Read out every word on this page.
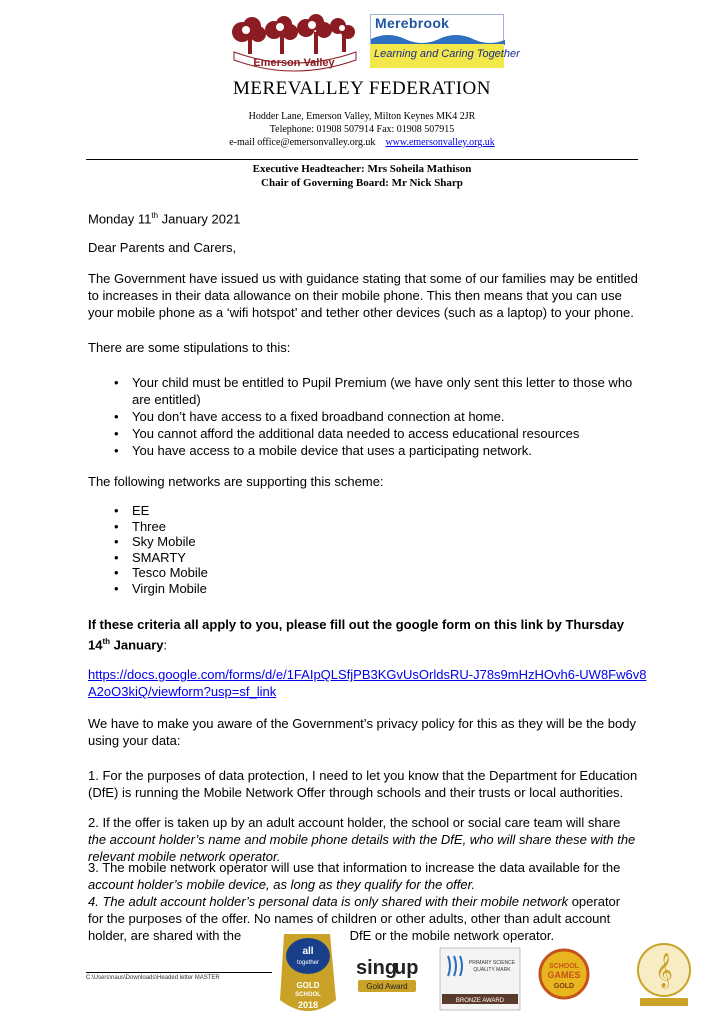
Emerson Valley
Merebrook
Learning and Caring Together
MEREVALLEY FEDERATION
Hodder Lane, Emerson Valley, Milton Keynes MK4 2JR
Telephone: 01908 507914 Fax: 01908 507915
e-mail office@emersonvalley.org.uk www.emersonvalley.org.uk
Executive Headteacher: Mrs Soheila Mathison
Chair of Governing Board: Mr Nick Sharp
Monday 11th January 2021
Dear Parents and Carers,
The Government have issued us with guidance stating that some of our families may be entitled to increases in their data allowance on their mobile phone. This then means that you can use your mobile phone as a ‘wifi hotspot’ and tether other devices (such as a laptop) to your phone.
There are some stipulations to this:
• Your child must be entitled to Pupil Premium (we have only sent this letter to those who are entitled)
• You don’t have access to a fixed broadband connection at home.
• You cannot afford the additional data needed to access educational resources
• You have access to a mobile device that uses a participating network.
The following networks are supporting this scheme:
• EE
• Three
• Sky Mobile
• SMARTY
• Tesco Mobile
• Virgin Mobile
If these criteria all apply to you, please fill out the google form on this link by Thursday 14th January:
https://docs.google.com/forms/d/e/1FAIpQLSfjPB3KGvUsOrldsRU-J78s9mHzHOvh6-UW8Fw6v8A2oO3kiQ/viewform?usp=sf_link
We have to make you aware of the Government’s privacy policy for this as they will be the body using your data:
1. For the purposes of data protection, I need to let you know that the Department for Education (DfE) is running the Mobile Network Offer through schools and their trusts or local authorities.
2. If the offer is taken up by an adult account holder, the school or social care team will share
the account holder’s name and mobile phone details with the DfE, who will share these with the relevant mobile network operator.
3. The mobile network operator will use that information to increase the data available for the
account holder’s mobile device, as long as they qualify for the offer.
4. The adult account holder’s personal data is only shared with their mobile network operator
for the purposes of the offer. No names of children or other adults, other than adult account holder, are shared with the	DfE or the mobile network operator.
C:\Users\naus\Downloads\Headed letter MASTER
all
together
GOLD
SCHOOL
2018
sing
up
Gold Award
PRIMARY SCIENCE
QUALITY MARK
BRONZE AWARD
SCHOOL
GAMES
GOLD	𝄞
